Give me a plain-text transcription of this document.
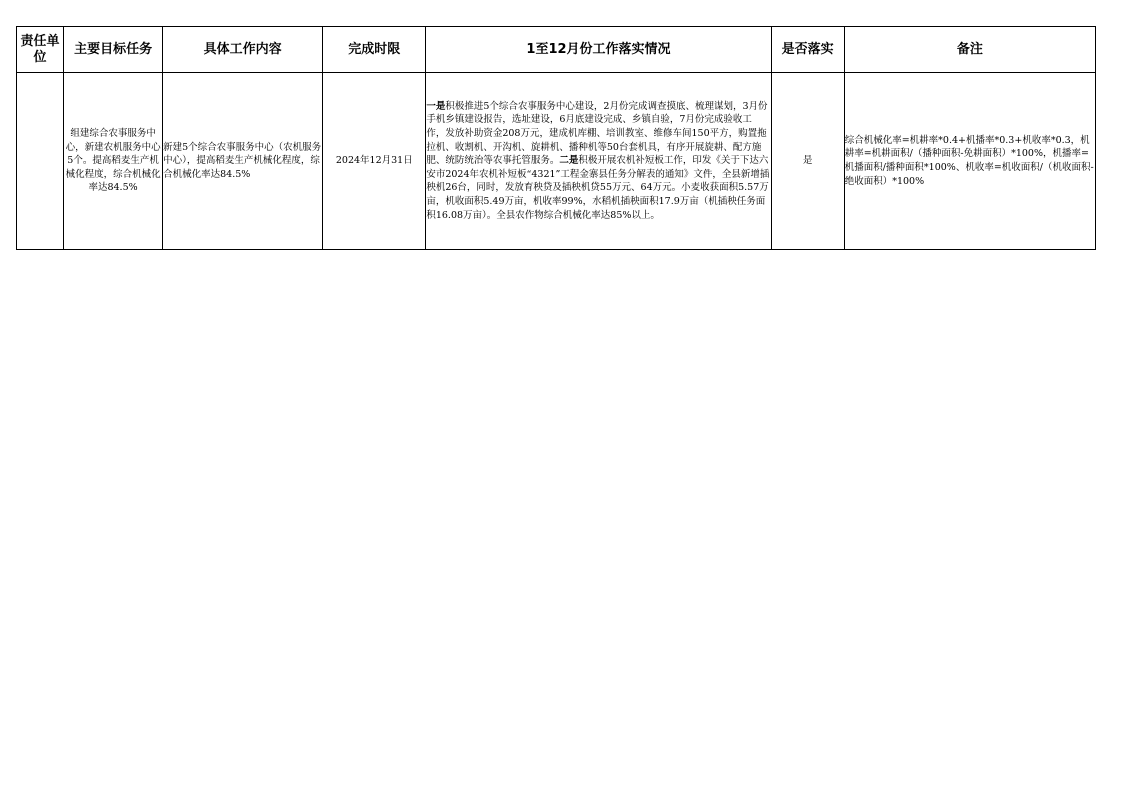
责任单位	主要目标任务	具体工作内容	完成时限	1至12月份工作落实情况	是否落实	备注
	组建综合农事服务中心，新建农机服务中心5个。提高稻麦生产机械化程度，综合机械化率达84.5%	新建5个综合农事服务中心（农机服务中心），提高稻麦生产机械化程度，综合机械化率达84.5%	2024年12月31日	一是积极推进5个综合农事服务中心建设，2月份完成调查摸底、梳理谋划，3月份手机乡镇建设报告，选址建设，6月底建设完成、乡镇自验，7月份完成验收工作，发放补助资金208万元，建成机库棚、培训教室、维修车间150平方，购置拖拉机、收割机、开沟机、旋耕机、播种机等50台套机具，有序开展旋耕、配方施肥、统防统治等农事托管服务。二是积极开展农机补短板工作，印发《关于下达六安市2024年农机补短板“4321”工程金寨县任务分解表的通知》文件，全县新增插秧机26台，同时，发放育秧贷及插秧机贷55万元、64万元。小麦收获面积5.57万亩，机收面积5.49万亩，机收率99%，水稻机插秧面积17.9万亩（机插秧任务面积16.08万亩）。全县农作物综合机械化率达85%以上。	是	综合机械化率=机耕率*0.4+机播率*0.3+机收率*0.3，机耕率=机耕面积/（播种面积-免耕面积）*100%，机播率=机播面积/播种面积*100%、机收率=机收面积/（机收面积-绝收面积）*100%
